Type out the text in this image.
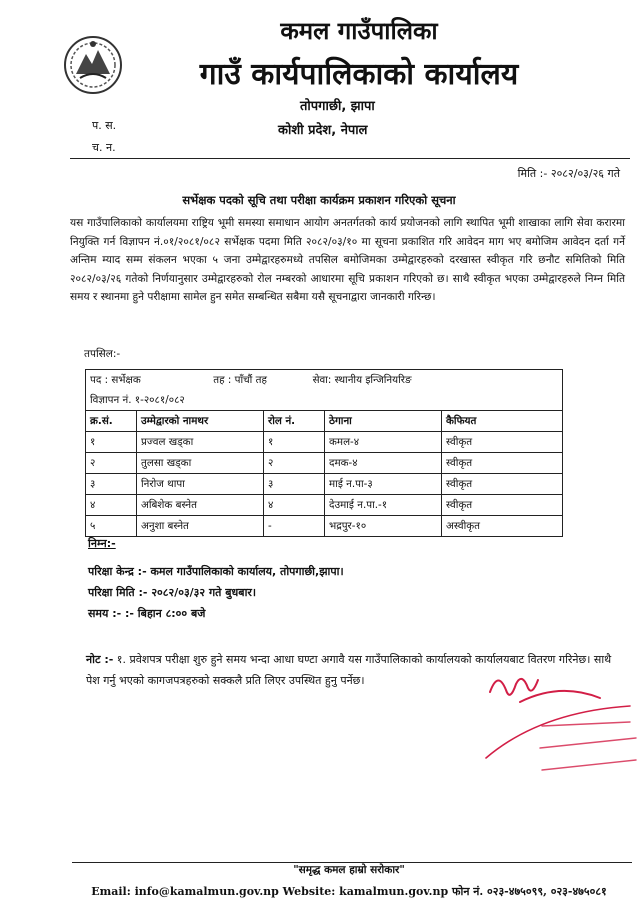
कमल गाउँपालिका
गाउँ कार्यपालिकाको कार्यालय
तोपगाछी, झापा
कोशी प्रदेश, नेपाल
प. स.
च. न.
मिति :- २०८२/०३/२६ गते
सर्भेक्षक पदको सूचि तथा परीक्षा कार्यक्रम प्रकाशन गरिएको सूचना
यस गाउँपालिकाको कार्यालयमा राष्ट्रिय भूमी समस्या समाधान आयोग अनतर्गतको कार्य प्रयोजनको लागि स्थापित भूमी शाखाका लागि सेवा करारमा नियुक्ति गर्न विज्ञापन नं.०१/२०८१/०८२ सर्भेक्षक पदमा मिति २०८२/०३/१० मा सूचना प्रकाशित गरि आवेदन माग भए बमोजिम आवेदन दर्ता गर्ने अन्तिम म्याद सम्म संकलन भएका ५ जना उम्मेद्वारहरुमध्ये तपसिल बमोजिमका उम्मेद्वारहरुको दरखास्त स्वीकृत गरि छनौट समितिको मिति २०८२/०३/२६ गतेको निर्णयानुसार उम्मेद्वारहरुको रोल नम्बरको आधारमा सूचि प्रकाशन गरिएको छ। साथै स्वीकृत भएका उम्मेद्वारहरुले निम्न मिति समय र स्थानमा हुने परीक्षामा सामेल हुन समेत सम्बन्धित सबैमा यसै सूचनाद्वारा जानकारी गरिन्छ।
तपसिल:-
पद : सर्भेक्षक तह : पाँचौं तह सेवा: स्थानीय इन्जिनियरिङ				
विज्ञापन नं. १-२०८१/०८२				
क्र.सं.	उम्मेद्वारको नामथर	रोल नं.	ठेगाना	कैफियत
१	प्रज्वल खड्का	१	कमल-४	स्वीकृत
२	तुलसा खड्का	२	दमक-४	स्वीकृत
३	निरोज थापा	३	माई न.पा-३	स्वीकृत
४	अबिशेक बस्नेत	४	देउमाई न.पा.-१	स्वीकृत
५	अनुशा बस्नेत	-	भद्रपुर-१०	अस्वीकृत
निम्न:-
परिक्षा केन्द्र :- कमल गाउँपालिकाको कार्यालय, तोपगाछी,झापा।
परिक्षा मिति :- २०८२/०३/३२ गते बुधबार।
समय :- :- बिहान ८:०० बजे
नोट :- १. प्रवेशपत्र परीक्षा शुरु हुने समय भन्दा आधा घण्टा अगावै यस गाउँपालिकाको कार्यालयको कार्यालयबाट वितरण गरिनेछ। साथै पेश गर्नु भएको कागजपत्रहरुको सक्कलै प्रति लिएर उपस्थित हुनु पर्नेछ।
"समृद्ध कमल हाम्रो सरोकार"
Email: info@kamalmun.gov.np Website: kamalmun.gov.np फोन नं. ०२३-४७५०९९, ०२३-४७५०८१
